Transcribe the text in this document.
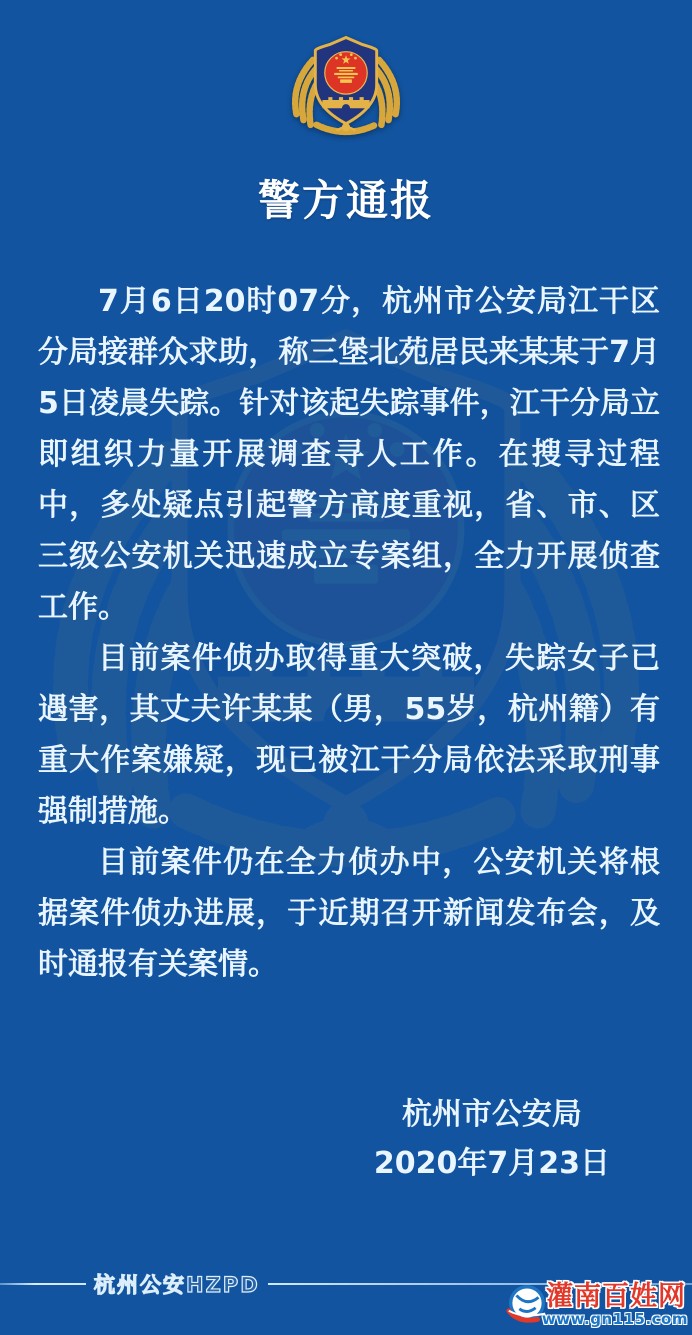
警方通报

7月6日20时07分，杭州市公安局江干区分局接群众求助，称三堡北苑居民来某某于7月5日凌晨失踪。针对该起失踪事件，江干分局立即组织力量开展调查寻人工作。在搜寻过程中，多处疑点引起警方高度重视，省、市、区三级公安机关迅速成立专案组，全力开展侦查工作。

目前案件侦办取得重大突破，失踪女子已遇害，其丈夫许某某（男，55岁，杭州籍）有重大作案嫌疑，现已被江干分局依法采取刑事强制措施。

目前案件仍在全力侦办中，公安机关将根据案件侦办进展，于近期召开新闻发布会，及时通报有关案情。

杭州市公安局
2020年7月23日
杭州公安HZPD	灌南百姓网
www.gn115.com
